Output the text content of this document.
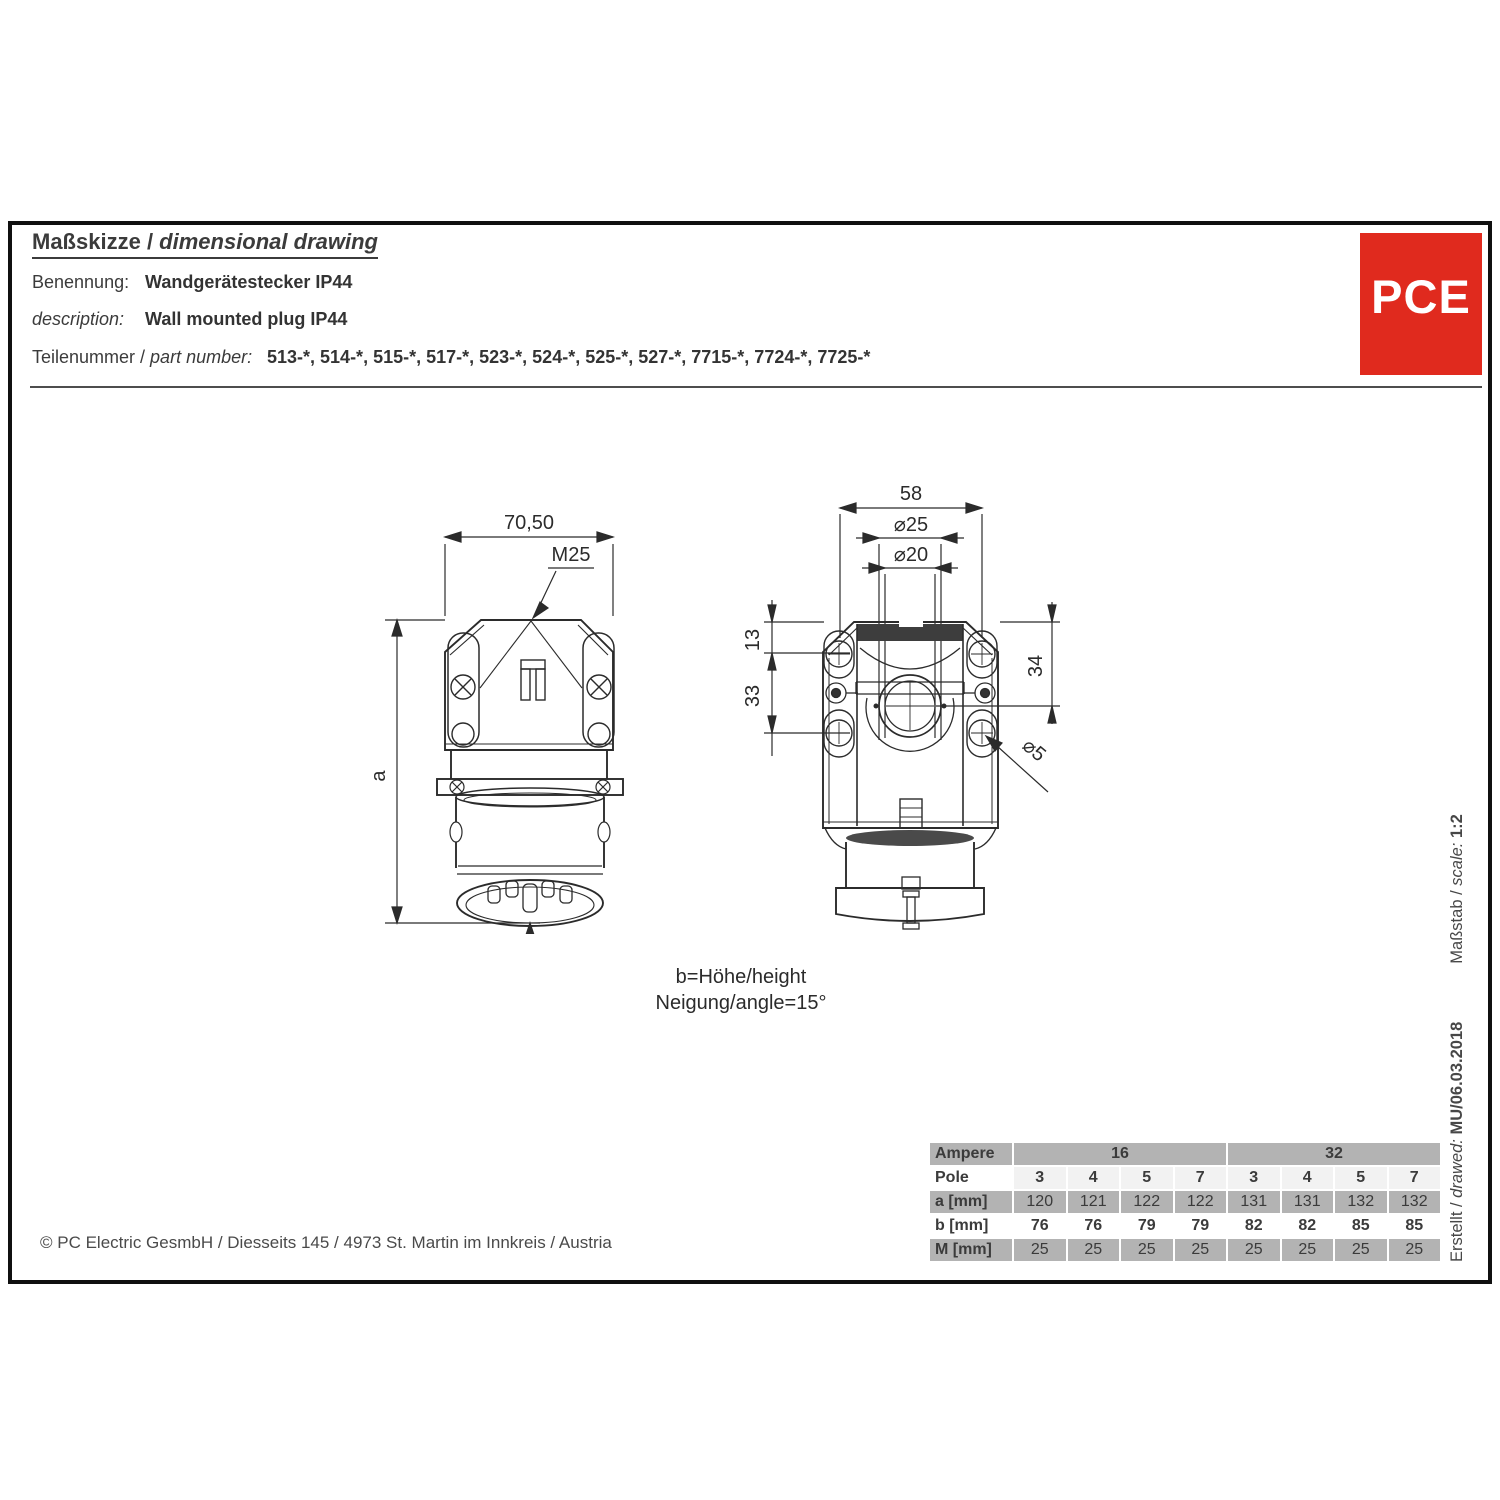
Maßskizze / dimensional drawing
Benennung: Wandgerätestecker IP44
description: Wall mounted plug IP44
Teilenummer / part number: 513-*, 514-*, 515-*, 517-*, 523-*, 524-*, 525-*, 527-*, 7715-*, 7724-*, 7725-*
PCE
70,50
M25
a
58
⌀25
⌀20
13
33
34
⌀5
b=Höhe/height
Neigung/angle=15°
Ampere	16	32
Pole	3	4	5	7	3	4	5	7
a [mm]	120	121	122	122	131	131	132	132
b [mm]	76	76	79	79	82	82	85	85
M [mm]	25	25	25	25	25	25	25	25
© PC Electric GesmbH / Diesseits 145 / 4973 St. Martin im Innkreis / Austria	Erstellt / drawed: MU/06.03.2018Maßstab / scale: 1:2
